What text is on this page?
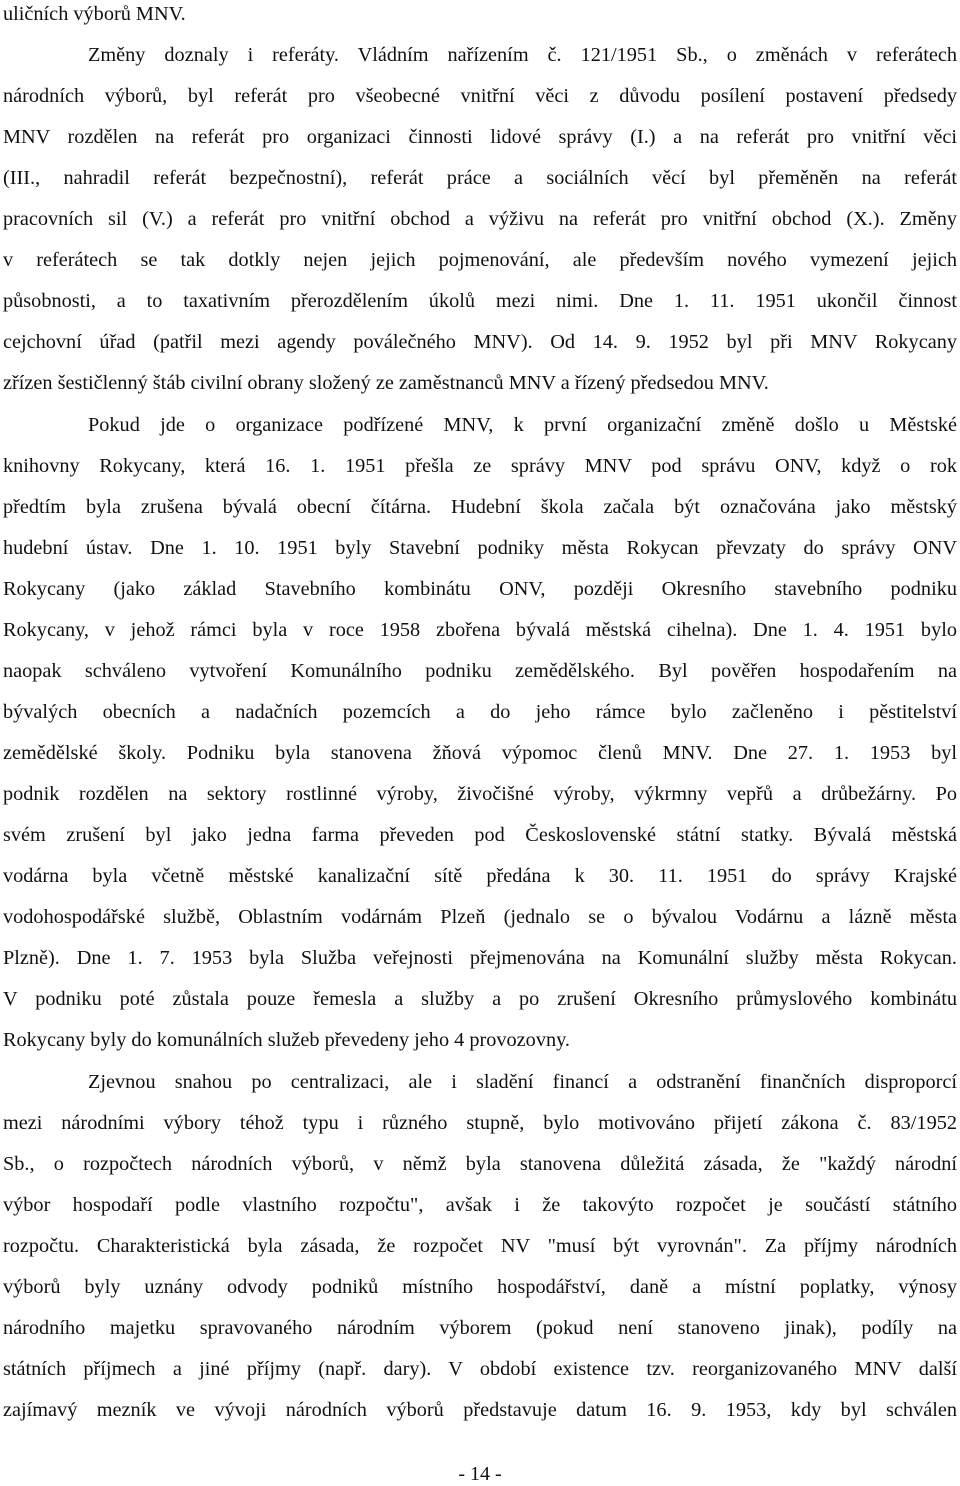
uličních výborů MNV.
Změny doznaly i referáty. Vládním nařízením č. 121/1951 Sb., o změnách v referátech
národních výborů, byl referát pro všeobecné vnitřní věci z důvodu posílení postavení předsedy
MNV rozdělen na referát pro organizaci činnosti lidové správy (I.) a na referát pro vnitřní věci
(III., nahradil referát bezpečnostní), referát práce a sociálních věcí byl přeměněn na referát
pracovních sil (V.) a referát pro vnitřní obchod a výživu na referát pro vnitřní obchod (X.). Změny
v referátech se tak dotkly nejen jejich pojmenování, ale především nového vymezení jejich
působnosti, a to taxativním přerozdělením úkolů mezi nimi. Dne 1. 11. 1951 ukončil činnost
cejchovní úřad (patřil mezi agendy poválečného MNV). Od 14. 9. 1952 byl při MNV Rokycany
zřízen šestičlenný štáb civilní obrany složený ze zaměstnanců MNV a řízený předsedou MNV.
Pokud jde o organizace podřízené MNV, k první organizační změně došlo u Městské
knihovny Rokycany, která 16. 1. 1951 přešla ze správy MNV pod správu ONV, když o rok
předtím byla zrušena bývalá obecní čítárna. Hudební škola začala být označována jako městský
hudební ústav. Dne 1. 10. 1951 byly Stavební podniky města Rokycan převzaty do správy ONV
Rokycany (jako základ Stavebního kombinátu ONV, později Okresního stavebního podniku
Rokycany, v jehož rámci byla v roce 1958 zbořena bývalá městská cihelna). Dne 1. 4. 1951 bylo
naopak schváleno vytvoření Komunálního podniku zemědělského. Byl pověřen hospodařením na
bývalých obecních a nadačních pozemcích a do jeho rámce bylo začleněno i pěstitelství
zemědělské školy. Podniku byla stanovena žňová výpomoc členů MNV. Dne 27. 1. 1953 byl
podnik rozdělen na sektory rostlinné výroby, živočišné výroby, výkrmny vepřů a drůbežárny. Po
svém zrušení byl jako jedna farma převeden pod Československé státní statky. Bývalá městská
vodárna byla včetně městské kanalizační sítě předána k 30. 11. 1951 do správy Krajské
vodohospodářské službě, Oblastním vodárnám Plzeň (jednalo se o bývalou Vodárnu a lázně města
Plzně). Dne 1. 7. 1953 byla Služba veřejnosti přejmenována na Komunální služby města Rokycan.
V podniku poté zůstala pouze řemesla a služby a po zrušení Okresního průmyslového kombinátu
Rokycany byly do komunálních služeb převedeny jeho 4 provozovny.
Zjevnou snahou po centralizaci, ale i sladění financí a odstranění finančních disproporcí
mezi národními výbory téhož typu i různého stupně, bylo motivováno přijetí zákona č. 83/1952
Sb., o rozpočtech národních výborů, v němž byla stanovena důležitá zásada, že "každý národní
výbor hospodaří podle vlastního rozpočtu", avšak i že takovýto rozpočet je součástí státního
rozpočtu. Charakteristická byla zásada, že rozpočet NV "musí být vyrovnán". Za příjmy národních
výborů byly uznány odvody podniků místního hospodářství, daně a místní poplatky, výnosy
národního majetku spravovaného národním výborem (pokud není stanoveno jinak), podíly na
státních příjmech a jiné příjmy (např. dary). V období existence tzv. reorganizovaného MNV další
zajímavý mezník ve vývoji národních výborů představuje datum 16. 9. 1953, kdy byl schválen
- 14 -
